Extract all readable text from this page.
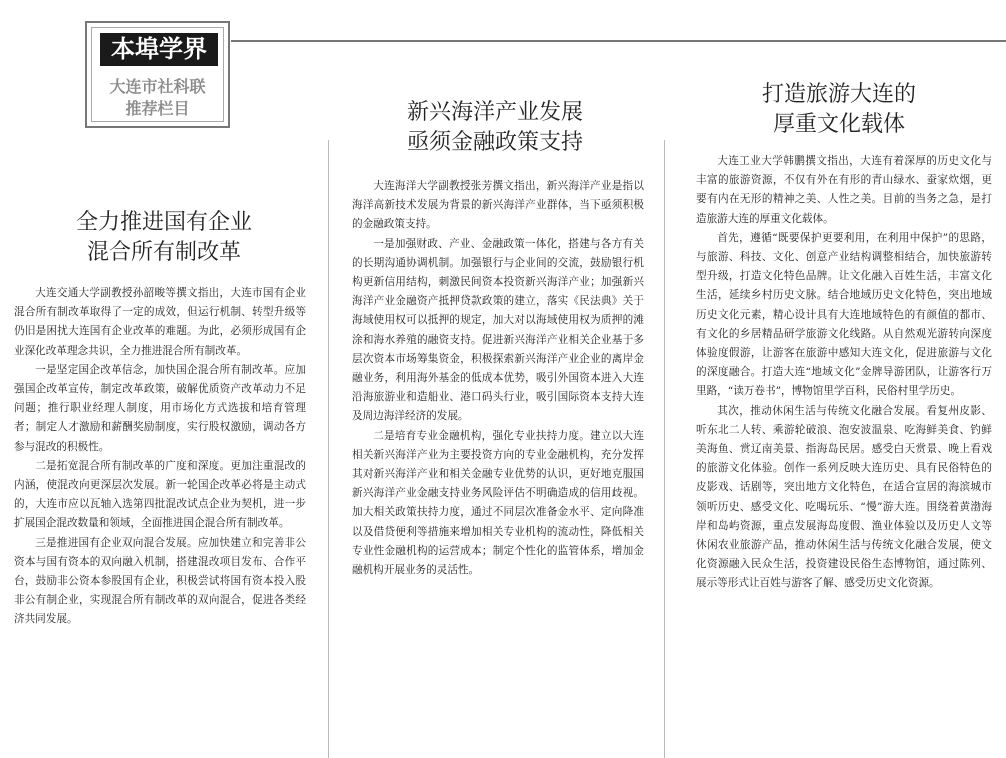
本埠学界
大连市社科联
推荐栏目
全力推进国有企业
混合所有制改革

大连交通大学副教授孙韶畯等撰文指出，大连市国有企业混合所有制改革取得了一定的成效，但运行机制、转型升级等仍旧是困扰大连国有企业改革的难题。为此，必须形成国有企业深化改革理念共识，全力推进混合所有制改革。

一是坚定国企改革信念，加快国企混合所有制改革。应加强国企改革宣传，制定改革政策，破解优质资产改革动力不足问题；推行职业经理人制度，用市场化方式选拔和培育管理者；制定人才激励和薪酬奖励制度，实行股权激励，调动各方参与混改的积极性。

二是拓宽混合所有制改革的广度和深度。更加注重混改的内涵，使混改向更深层次发展。新一轮国企改革必将是主动式的，大连市应以瓦轴入选第四批混改试点企业为契机，进一步扩展国企混改数量和领域，全面推进国企混合所有制改革。

三是推进国有企业双向混合发展。应加快建立和完善非公资本与国有资本的双向融入机制，搭建混改项目发布、合作平台，鼓励非公资本参股国有企业，积极尝试将国有资本投入股非公有制企业，实现混合所有制改革的双向混合，促进各类经济共同发展。

新兴海洋产业发展
亟须金融政策支持

大连海洋大学副教授张芳撰文指出，新兴海洋产业是指以海洋高新技术发展为背景的新兴海洋产业群体，当下亟须积极的金融政策支持。

一是加强财政、产业、金融政策一体化，搭建与各方有关的长期沟通协调机制。加强银行与企业间的交流，鼓励银行机构更新信用结构，刺激民间资本投资新兴海洋产业；加强新兴海洋产业金融资产抵押贷款政策的建立，落实《民法典》关于海域使用权可以抵押的规定，加大对以海域使用权为质押的滩涂和海水养殖的融资支持。促进新兴海洋产业相关企业基于多层次资本市场筹集资金，积极探索新兴海洋产业企业的离岸金融业务，利用海外基金的低成本优势，吸引外国资本进入大连沿海旅游业和造船业、港口码头行业，吸引国际资本支持大连及周边海洋经济的发展。

二是培育专业金融机构，强化专业扶持力度。建立以大连相关新兴海洋产业为主要投资方向的专业金融机构，充分发挥其对新兴海洋产业和相关金融专业优势的认识，更好地克服国新兴海洋产业金融支持业务风险评估不明确造成的信用歧视。加大相关政策扶持力度，通过不同层次准备金水平、定向降准以及借贷便利等措施来增加相关专业机构的流动性，降低相关专业性金融机构的运营成本；制定个性化的监管体系，增加金融机构开展业务的灵活性。

打造旅游大连的
厚重文化载体

大连工业大学韩鹏撰文指出，大连有着深厚的历史文化与丰富的旅游资源，不仅有外在有形的青山绿水、蚕家炊烟，更要有内在无形的精神之美、人性之美。目前的当务之急，是打造旅游大连的厚重文化载体。

首先，遵循“既要保护更要利用，在利用中保护”的思路，与旅游、科技、文化、创意产业结构调整相结合，加快旅游转型升级，打造文化特色品牌。让文化融入百姓生活，丰富文化生活，延续乡村历史文脉。结合地域历史文化特色，突出地域历史文化元素，精心设计具有大连地域特色的有颜值的都市、有文化的乡居精品研学旅游文化线路。从自然观光游转向深度体验度假游，让游客在旅游中感知大连文化，促进旅游与文化的深度融合。打造大连“地域文化”金牌导游团队，让游客行万里路，“读万卷书”，博物馆里学百科，民俗村里学历史。

其次，推动休闲生活与传统文化融合发展。看复州皮影、听东北二人转、乘游轮破浪、泡安波温泉、吃海鲜美食、钓鲜美海鱼、赏辽南美景、指海岛民居。感受白天赏景、晚上看戏的旅游文化体验。创作一系列反映大连历史、具有民俗特色的皮影戏、话剧等，突出地方文化特色，在适合宣居的海滨城市领听历史、感受文化、吃喝玩乐、“慢”游大连。围绕着黄渤海岸和岛屿资源，重点发展海岛度假、渔业体验以及历史人文等休闲农业旅游产品，推动休闲生活与传统文化融合发展，使文化资源融入民众生活，投资建设民俗生态博物馆，通过陈列、展示等形式让百姓与游客了解、感受历史文化资源。
